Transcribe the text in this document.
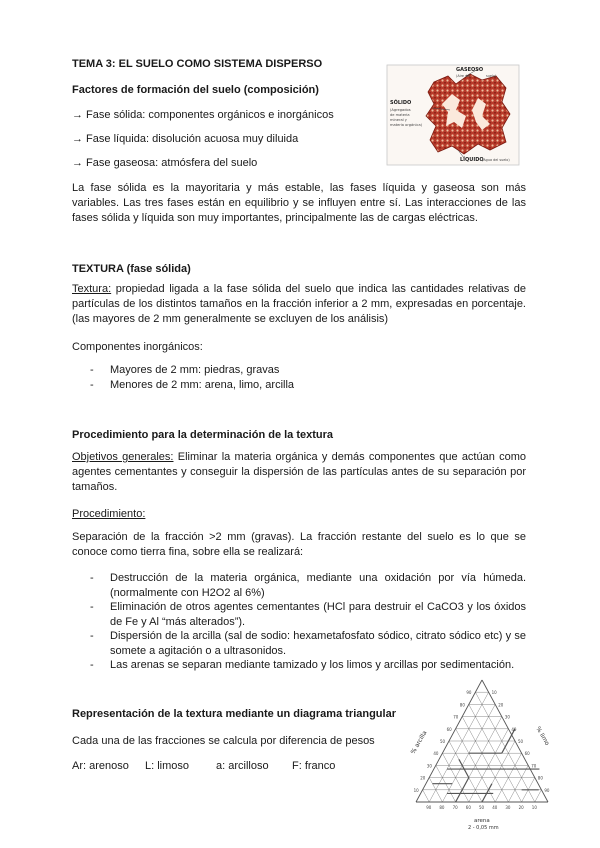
TEMA 3: EL SUELO COMO SISTEMA DISPERSO
Factores de formación del suelo (composición)
→ Fase sólida: componentes orgánicos e inorgánicos
→ Fase líquida: disolución acuosa muy diluida
→ Fase gaseosa: atmósfera del suelo
La fase sólida es la mayoritaria y más estable, las fases líquida y gaseosa son más variables. Las tres fases están en equilibrio y se influyen entre sí. Las interacciones de las fases sólida y líquida son muy importantes, principalmente las de cargas eléctricas.
GASEOSO
(Aire del	suelo)
SÓLIDO
(Agregados
de materia
mineral y
materia orgánica)
LÍQUIDO
(Agua del suelo)
TEXTURA (fase sólida)
Textura: propiedad ligada a la fase sólida del suelo que indica las cantidades relativas de partículas de los distintos tamaños en la fracción inferior a 2 mm, expresadas en porcentaje. (las mayores de 2 mm generalmente se excluyen de los análisis)
Componentes inorgánicos:
- Mayores de 2 mm: piedras, gravas
- Menores de 2 mm: arena, limo, arcilla
Procedimiento para la determinación de la textura
Objetivos generales: Eliminar la materia orgánica y demás componentes que actúan como agentes cementantes y conseguir la dispersión de las partículas antes de su separación por tamaños.
Procedimiento:
Separación de la fracción >2 mm (gravas). La fracción restante del suelo es lo que se conoce como tierra fina, sobre ella se realizará:
- Destrucción de la materia orgánica, mediante una oxidación por vía húmeda. (normalmente con H2O2 al 6%)
- Eliminación de otros agentes cementantes (HCl para destruir el CaCO3 y los óxidos de Fe y Al “más alterados”).
- Dispersión de la arcilla (sal de sodio: hexametafosfato sódico, citrato sódico etc) y se somete a agitación o a ultrasonidos.
- Las arenas se separan mediante tamizado y los limos y arcillas por sedimentación.
Representación de la textura mediante un diagrama triangular
Cada una de las fracciones se calcula por diferencia de pesos
Ar: arenoso L: limoso a: arcilloso F: franco
% arcilla	% limo
arena
2 - 0,05 mm
10
10
10
20
20
20
30
30
30
40
40
40
50	50
50
60
60
60
70
70
70
80
80
80
90
90
90
